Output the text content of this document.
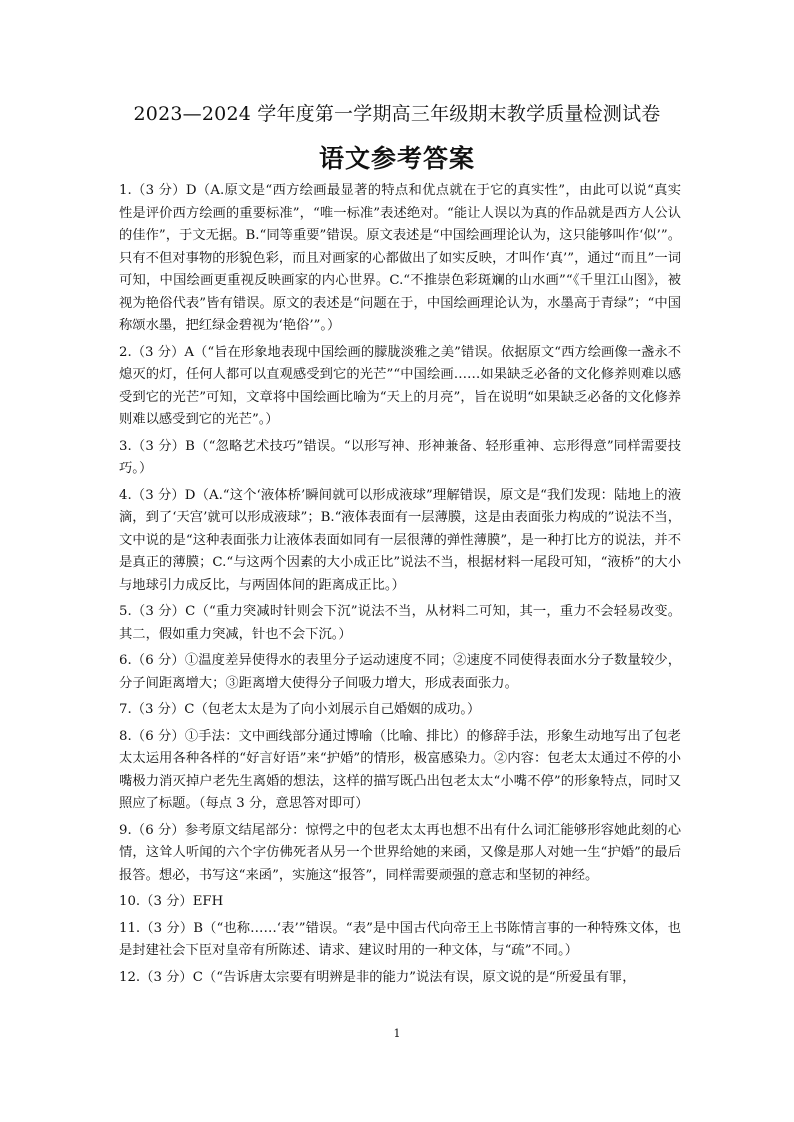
2023—2024 学年度第一学期高三年级期末教学质量检测试卷
语文参考答案

1.（3 分）D（A.原文是“西方绘画最显著的特点和优点就在于它的真实性”，由此可以说“真实性是评价西方绘画的重要标准”，“唯一标准”表述绝对。“能让人误以为真的作品就是西方人公认的佳作”，于文无据。B.“同等重要”错误。原文表述是“中国绘画理论认为，这只能够叫作‘似’”。只有不但对事物的形貌色彩，而且对画家的心都做出了如实反映，才叫作‘真’”，通过“而且”一词可知，中国绘画更重视反映画家的内心世界。C.“不推崇色彩斑斓的山水画”“《千里江山图》，被视为艳俗代表”皆有错误。原文的表述是“问题在于，中国绘画理论认为，水墨高于青绿”；“中国称颂水墨，把红绿金碧视为‘艳俗’”。）

2.（3 分）A（“旨在形象地表现中国绘画的朦胧淡雅之美”错误。依据原文“西方绘画像一盏永不熄灭的灯，任何人都可以直观感受到它的光芒”“中国绘画……如果缺乏必备的文化修养则难以感受到它的光芒”可知，文章将中国绘画比喻为“天上的月亮”，旨在说明“如果缺乏必备的文化修养则难以感受到它的光芒”。）

3.（3 分）B（“忽略艺术技巧”错误。“以形写神、形神兼备、轻形重神、忘形得意”同样需要技巧。）

4.（3 分）D（A.“这个‘液体桥’瞬间就可以形成液球”理解错误，原文是“我们发现：陆地上的液滴，到了‘天宫’就可以形成液球”；B.“液体表面有一层薄膜，这是由表面张力构成的”说法不当，文中说的是“这种表面张力让液体表面如同有一层很薄的弹性薄膜”，是一种打比方的说法，并不是真正的薄膜；C.“与这两个因素的大小成正比”说法不当，根据材料一尾段可知，“液桥”的大小与地球引力成反比，与两固体间的距离成正比。）

5.（3 分）C（“重力突减时针则会下沉”说法不当，从材料二可知，其一，重力不会轻易改变。其二，假如重力突减，针也不会下沉。）

6.（6 分）①温度差异使得水的表里分子运动速度不同；②速度不同使得表面水分子数量较少，分子间距离增大；③距离增大使得分子间吸力增大，形成表面张力。

7.（3 分）C（包老太太是为了向小刘展示自己婚姻的成功。）

8.（6 分）①手法：文中画线部分通过博喻（比喻、排比）的修辞手法，形象生动地写出了包老太太运用各种各样的“好言好语”来“护婚”的情形，极富感染力。②内容：包老太太通过不停的小嘴极力消灭掉户老先生离婚的想法，这样的描写既凸出包老太太“小嘴不停”的形象特点，同时又照应了标题。（每点 3 分，意思答对即可）

9.（6 分）参考原文结尾部分：惊愕之中的包老太太再也想不出有什么词汇能够形容她此刻的心情，这耸人听闻的六个字仿佛死者从另一个世界给她的来函，又像是那人对她一生“护婚”的最后报答。想必，书写这“来函”，实施这“报答”，同样需要顽强的意志和坚韧的神经。

10.（3 分）EFH

11.（3 分）B（“也称……‘表’”错误。“表”是中国古代向帝王上书陈情言事的一种特殊文体，也是封建社会下臣对皇帝有所陈述、请求、建议时用的一种文体，与“疏”不同。）

12.（3 分）C（“告诉唐太宗要有明辨是非的能力”说法有误，原文说的是“所爱虽有罪，

1
